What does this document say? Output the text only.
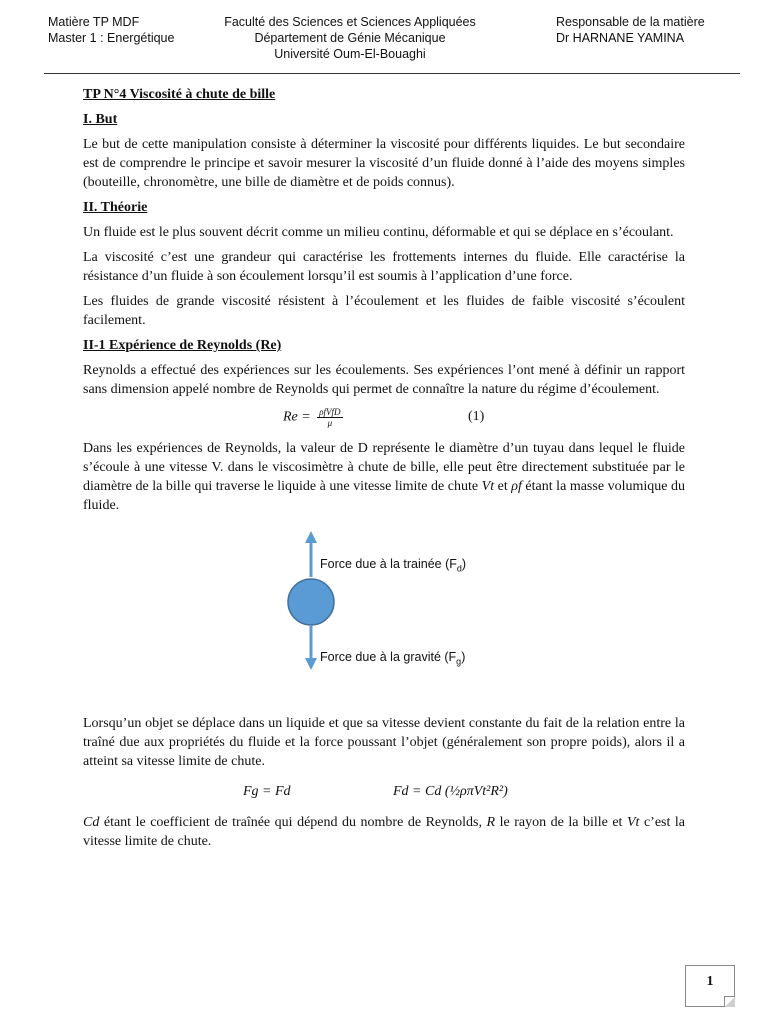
Matière TP MDF
Master 1 : Energétique
Faculté des Sciences et Sciences Appliquées
Département de Génie Mécanique
Université Oum-El-Bouaghi
Responsable de la matière
Dr HARNANE YAMINA

TP N°4 Viscosité à chute de bille

I. But

Le but de cette manipulation consiste à déterminer la viscosité pour différents liquides. Le but secondaire est de comprendre le principe et savoir mesurer la viscosité d’un fluide donné à l’aide des moyens simples (bouteille, chronomètre, une bille de diamètre et de poids connus).

II. Théorie

Un fluide est le plus souvent décrit comme un milieu continu, déformable et qui se déplace en s’écoulant.

La viscosité c’est une grandeur qui caractérise les frottements internes du fluide. Elle caractérise la résistance d’un fluide à son écoulement lorsqu’il est soumis à l’application d’une force.

Les fluides de grande viscosité résistent à l’écoulement et les fluides de faible viscosité s’écoulent facilement.

II-1 Expérience de Reynolds (Re)

Reynolds a effectué des expériences sur les écoulements. Ses expériences l’ont mené à définir un rapport sans dimension appelé nombre de Reynolds qui permet de connaître la nature du régime d’écoulement.

$Re = \frac{\text{ρfVfD}}{\mu}$	(1)

Dans les expériences de Reynolds, la valeur de D représente le diamètre d’un tuyau dans lequel le fluide s’écoule à une vitesse V. dans le viscosimètre à chute de bille, elle peut être directement substituée par le diamètre de la bille qui traverse le liquide à une vitesse limite de chute Vt et ρf étant la masse volumique du fluide.

Force due à la trainée $(F_d)$
Force due à la gravité $(F_g)$

Lorsqu’un objet se déplace dans un liquide et que sa vitesse devient constante du fait de la relation entre la traîné due aux propriétés du fluide et la force poussant l’objet (généralement son propre poids), alors il a atteint sa vitesse limite de chute.

Fg = Fd	Fd = Cd (½ρπVt²R²)

Cd étant le coefficient de traînée qui dépend du nombre de Reynolds, R le rayon de la bille et Vt c’est la vitesse limite de chute.

1
